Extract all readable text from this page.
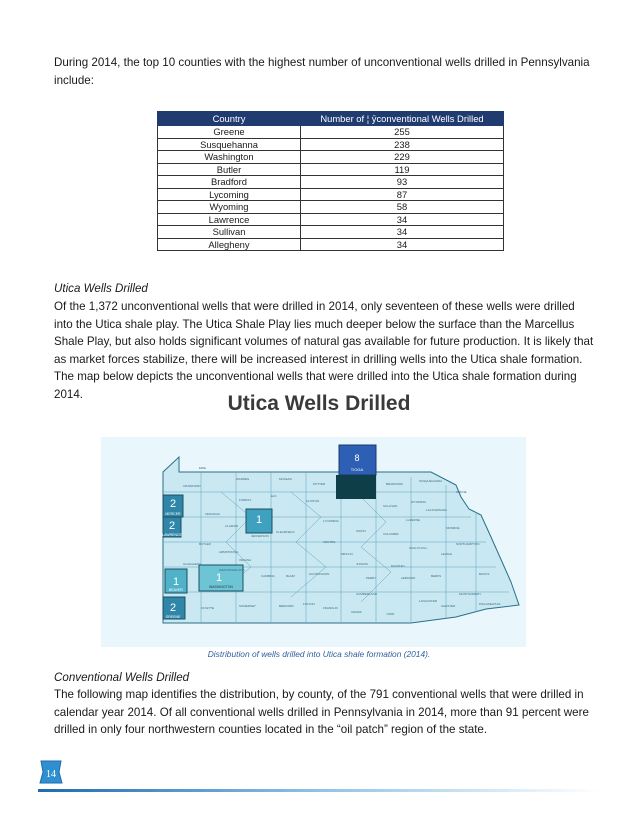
During 2014, the top 10 counties with the highest number of unconventional wells drilled in Pennsylvania include:

Country	Number of ¦ ȳconventional Wells Drilled
Greene	255
Susquehanna	238
Washington	229
Butler	119
Bradford	93
Lycoming	87
Wyoming	58
Lawrence	34
Sullivan	34
Allegheny	34

Utica Wells Drilled

Of the 1,372 unconventional wells that were drilled in 2014, only seventeen of these wells were drilled into the Utica shale play. The Utica Shale Play lies much deeper below the surface than the Marcellus Shale Play, but also holds significant volumes of natural gas available for future production. It is likely that as market forces stabilize, there will be increased interest in drilling wells into the Utica shale formation. The map below depicts the unconventional wells that were drilled into the Utica shale formation during 2014.	Utica Wells Drilled
8
TIOGA
2
MERCER
2
LAWRENCE
1
1
BEAVER
1
WASHINGTON
2
GREENE
ERIE
WARREN	MCKEAN
POTTER	BRADFORD
SUSQUEHANNA
WAYNE
CRAWFORD
FOREST
ELK
CLINTON
LYCOMING
SULLIVAN
WYOMING
VENANGO
CLARION
JEFFERSON
CLEARFIELD
CENTRE
UNION
COLUMBIA
LUZERNE
LACKAWANNA
MONROE
BUTLER
ARMSTRONG
INDIANA
CAMBRIA	BLAIR	HUNTINGDON
MIFFLIN
JUNIATA
PERRY
DAUPHIN
LEBANON
SCHUYLKILL
BERKS
LEHIGH
NORTHAMPTON
BUCKS
ALLEGHENY
WESTMORELAND
FAYETTE	SOMERSET	BEDFORD	FULTON
FRANKLIN
ADAMS	YORK
LANCASTER
CHESTER
CUMBERLAND	MONTGOMERY
PHILADELPHIA
Distribution of wells drilled into Utica shale formation (2014).

Conventional Wells Drilled

The following map identifies the distribution, by county, of the 791 conventional wells that were drilled in calendar year 2014. Of all conventional wells drilled in Pennsylvania in 2014, more than 91 percent were drilled in only four northwestern counties located in the “oil patch” region of the state.

14
